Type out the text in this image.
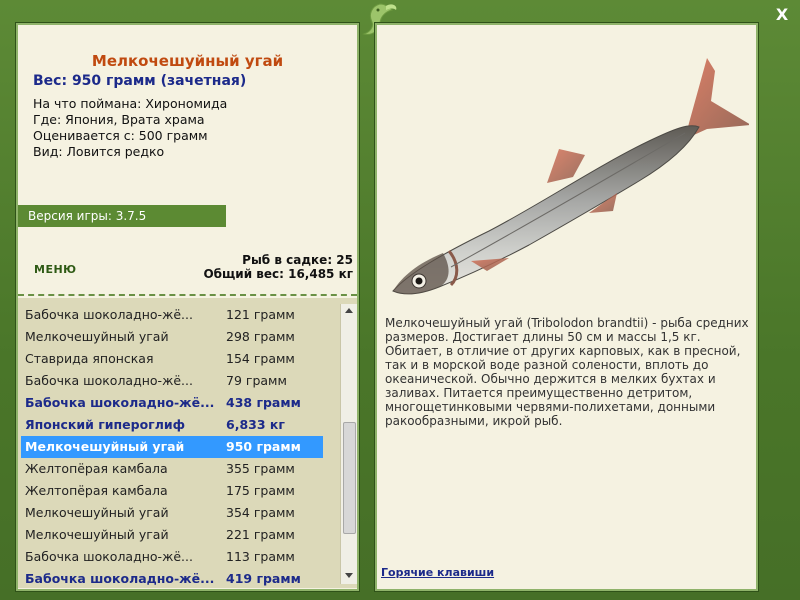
X
Мелкочешуйный угай
Вес: 950 грамм (зачетная)
На что поймана: Хирономида
Где: Япония, Врата храма
Оценивается с: 500 грамм
Вид: Ловится редко
Версия игры: 3.7.5
МЕНЮ
Рыб в садке: 25
Общий вес: 16,485 кг
Бабочка шоколадно-жё...	121 грамм
Мелкочешуйный угай	298 грамм
Ставрида японская	154 грамм
Бабочка шоколадно-жё...	79 грамм
Бабочка шоколадно-жё... 438 грамм
Японский гипероглиф	6,833 кг
Мелкочешуйный угай	950 грамм
Желтопёрая камбала	355 грамм
Желтопёрая камбала	175 грамм
Мелкочешуйный угай	354 грамм
Мелкочешуйный угай	221 грамм
Бабочка шоколадно-жё...	113 грамм
Бабочка шоколадно-жё... 419 грамм
Мелкочешуйный угай (Tribolodon brandtii) - рыба средних размеров. Достигает длины 50 см и массы 1,5 кг. Обитает, в отличие от других карповых, как в пресной, так и в морской воде разной солености, вплоть до океанической. Обычно держится в мелких бухтах и заливах. Питается преимущественно детритом, многощетинковыми червями-полихетами, донными ракообразными, икрой рыб.
Горячие клавиши
